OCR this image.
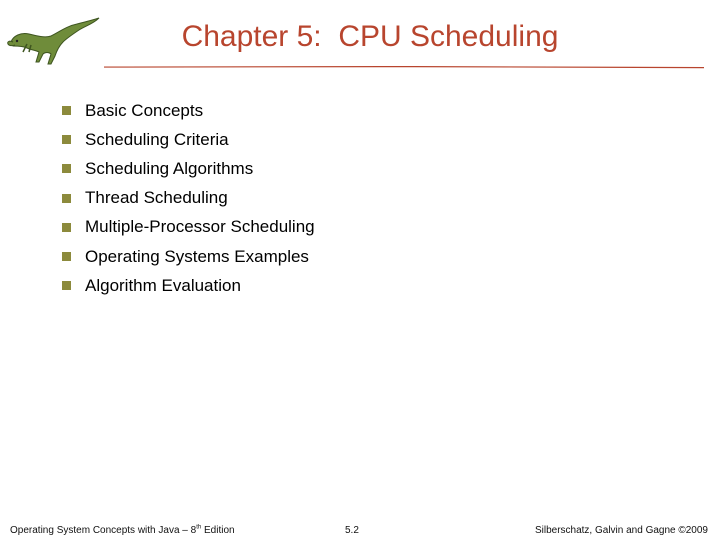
Chapter 5:  CPU Scheduling
Basic Concepts
Scheduling Criteria
Scheduling Algorithms
Thread Scheduling
Multiple-Processor Scheduling
Operating Systems Examples
Algorithm Evaluation
Operating System Concepts with Java – 8th Edition	5.2	Silberschatz, Galvin and Gagne ©2009
